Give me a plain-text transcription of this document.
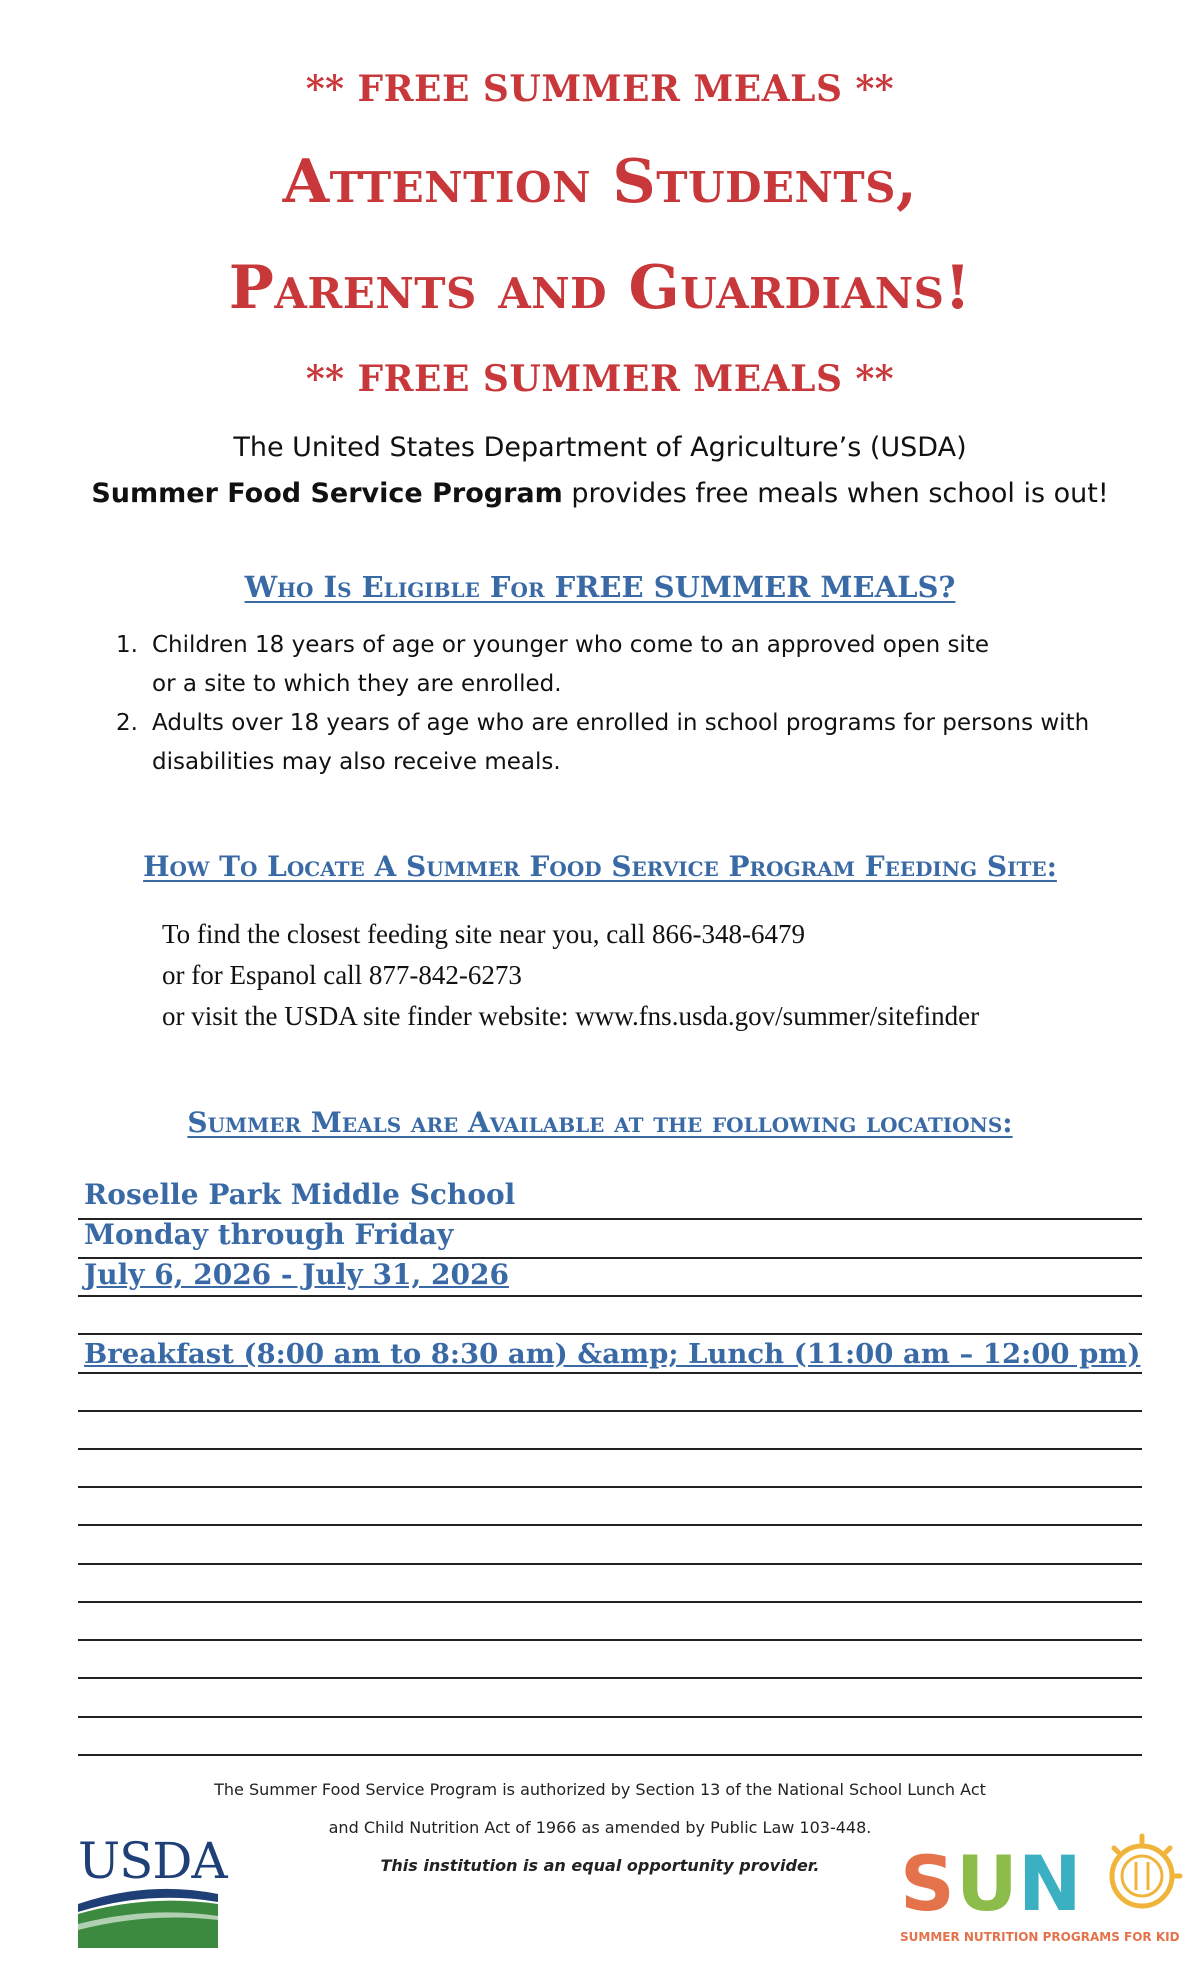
** FREE SUMMER MEALS **
Attention Students,
Parents and Guardians!
** FREE SUMMER MEALS **
The United States Department of Agriculture’s (USDA)
Summer Food Service Program provides free meals when school is out!
Who Is Eligible For FREE SUMMER MEALS?
1. Children 18 years of age or younger who come to an approved open site
or a site to which they are enrolled.
2. Adults over 18 years of age who are enrolled in school programs for persons with
disabilities may also receive meals.
How To Locate A Summer Food Service Program Feeding Site:
To find the closest feeding site near you, call 866-348-6479
or for Espanol call 877-842-6273
or visit the USDA site finder website: www.fns.usda.gov/summer/sitefinder
Summer Meals are Available at the following locations:
Roselle Park Middle School
Monday through Friday
July 6, 2026 - July 31, 2026
Breakfast (8:00 am to 8:30 am) &amp; Lunch (11:00 am – 12:00 pm)
The Summer Food Service Program is authorized by Section 13 of the National School Lunch Act
and Child Nutrition Act of 1966 as amended by Public Law 103-448.
This institution is an equal opportunity provider.
USDA	S U N
SUMMER NUTRITION PROGRAMS FOR KID
